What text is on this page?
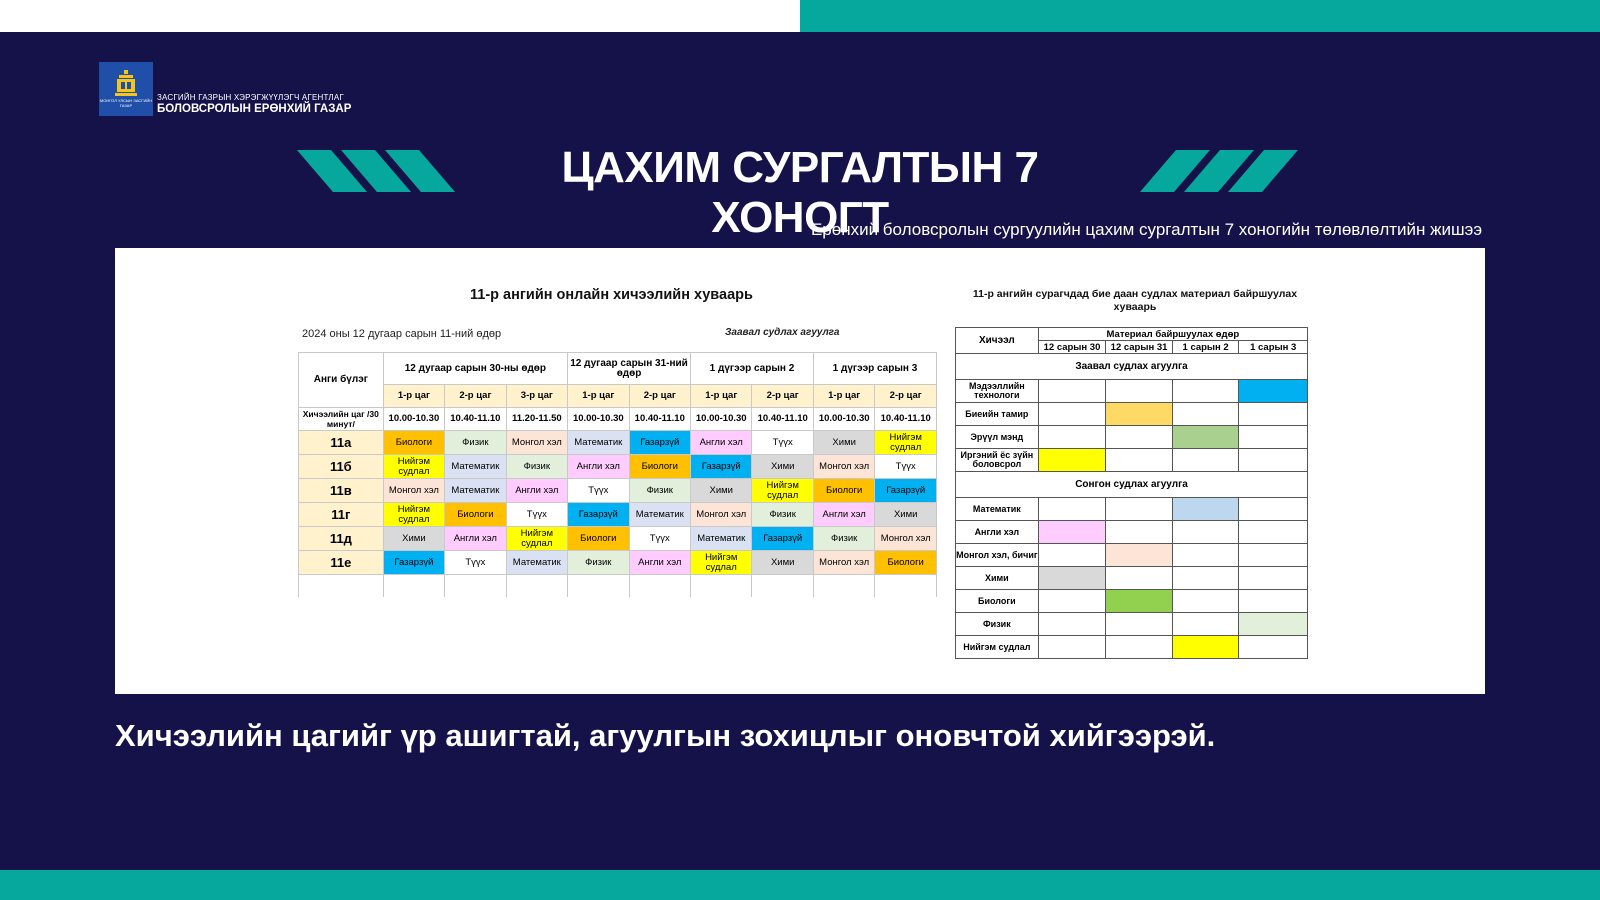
МОНГОЛ УЛСЫН ЗАСГИЙН ГАЗАР
ЗАСГИЙН ГАЗРЫН ХЭРЭГЖҮҮЛЭГЧ АГЕНТЛАГ
БОЛОВСРОЛЫН ЕРӨНХИЙ ГАЗАР
ЦАХИМ СУРГАЛТЫН 7 ХОНОГТ
Ерөнхий боловсролын сургуулийн цахим сургалтын 7 хоногийн төлөвлөлтийн жишээ
11-р ангийн онлайн хичээлийн хуваарь
2024 оны 12 дугаар сарын 11-ний өдөр	Заавал судлах агуулга
Анги бүлэг	12 дугаар сарын 30-ны өдөр			12 дугаар сарын 31-ний өдөр		1 дүгээр сарын 2		1 дүгээр сарын 3	
	1-р цаг	2-р цаг	3-р цаг	1-р цаг	2-р цаг	1-р цаг	2-р цаг	1-р цаг	2-р цаг
Хичээлийн цаг /30 минут/	10.00-10.30	10.40-11.10	11.20-11.50	10.00-10.30	10.40-11.10	10.00-10.30	10.40-11.10	10.00-10.30	10.40-11.10
11а	Биологи	Физик	Монгол хэл	Математик	Газарзүй	Англи хэл	Түүх	Хими	Нийгэм судлал
11б	Нийгэм судлал	Математик	Физик	Англи хэл	Биологи	Газарзүй	Хими	Монгол хэл	Түүх
11в	Монгол хэл	Математик	Англи хэл	Түүх	Физик	Хими	Нийгэм судлал	Биологи	Газарзүй
11г	Нийгэм судлал	Биологи	Түүх	Газарзүй	Математик	Монгол хэл	Физик	Англи хэл	Хими
11д	Хими	Англи хэл	Нийгэм судлал	Биологи	Түүх	Математик	Газарзүй	Физик	Монгол хэл
11е	Газарзүй	Түүх	Математик	Физик	Англи хэл	Нийгэм судлал	Хими	Монгол хэл	Биологи

11-р ангийн сурагчдад бие даан судлах материал байршуулах хуваарь
Хичээл	Материал байршуулах өдөр			
	12 сарын 30	12 сарын 31	1 сарын 2	1 сарын 3
Заавал судлах агуулга				
Мэдээллийн технологи				
Биеийн тамир				
Эрүүл мэнд				
Иргэний ёс зүйн боловсрол				
Сонгон судлах агуулга				
Математик				
Англи хэл				
Монгол хэл, бичиг				
Хими				
Биологи				
Физик				
Нийгэм судлал				
Хичээлийн цагийг үр ашигтай, агуулгын зохицлыг оновчтой хийгээрэй.
